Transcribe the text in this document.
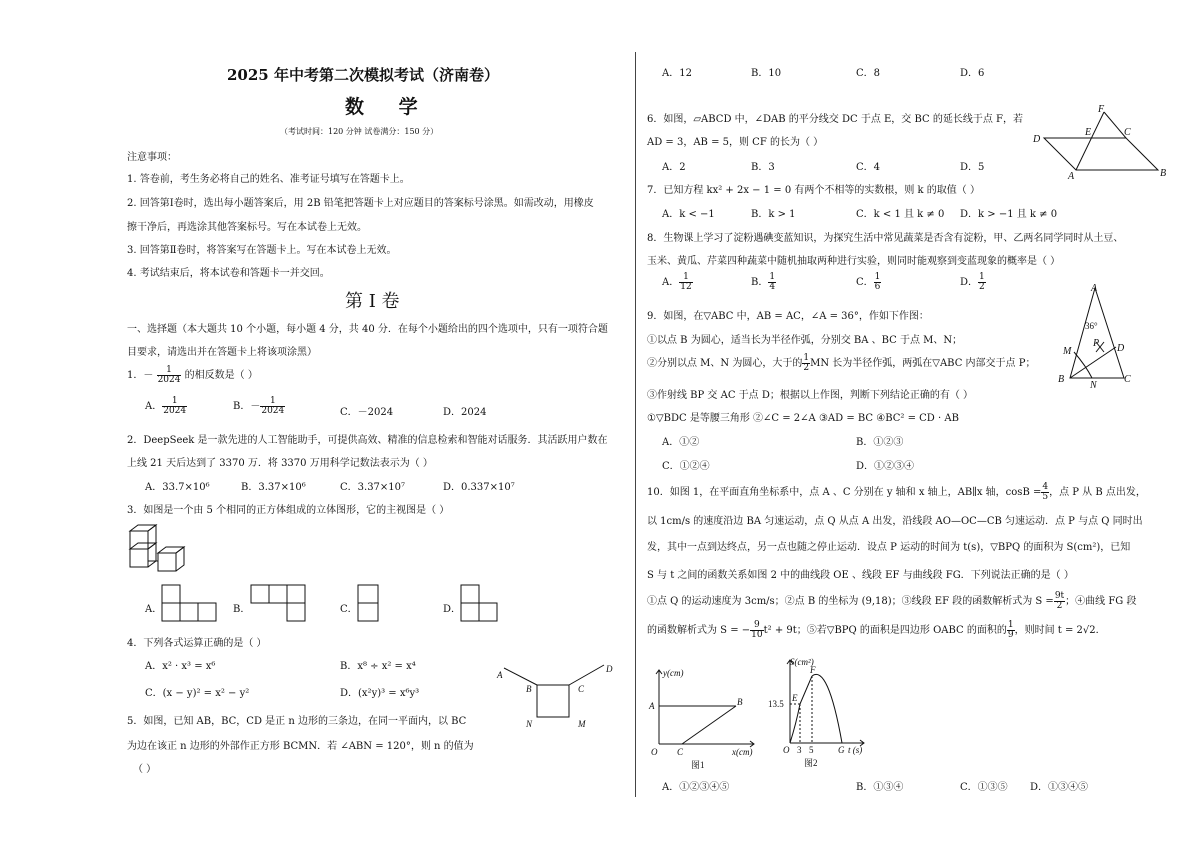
2025 年中考第二次模拟考试（济南卷）
数 学
（考试时间：120 分钟 试卷满分：150 分）
注意事项：
1. 答卷前，考生务必将自己的姓名、准考证号填写在答题卡上。
2. 回答第Ⅰ卷时，选出每小题答案后，用 2B 铅笔把答题卡上对应题目的答案标号涂黑。如需改动，用橡皮
擦干净后，再选涂其他答案标号。写在本试卷上无效。
3. 回答第Ⅱ卷时，将答案写在答题卡上。写在本试卷上无效。
4. 考试结束后，将本试卷和答题卡一并交回。
第 I 卷
一、选择题（本大题共 10 个小题，每小题 4 分，共 40 分．在每个小题给出的四个选项中，只有一项符合题
目要求，请选出并在答题卡上将该项涂黑）
1．－ $\frac{1}{2024}$ 的相反数是（ ）
A． $\frac{1}{2024}$	B．－ $\frac{1}{2024}$	C．－2024	D．2024
2．DeepSeek 是一款先进的人工智能助手，可提供高效、精准的信息检索和智能对话服务．其活跃用户数在
上线 21 天后达到了 3370 万．将 3370 万用科学记数法表示为（ ）
A．33.7×10⁶	B．3.37×10⁶	C．3.37×10⁷	D．0.337×10⁷
3．如图是一个由 5 个相同的正方体组成的立体图形，它的主视图是（ ）
A．	B．	C．	D．
4．下列各式运算正确的是（ ）
A．x² · x³ = x⁶	B．x⁸ ÷ x² = x⁴
C．(x − y)² = x² − y²	D．(x²y)³ = x⁶y³
A
B	C
D
N	M
5．如图，已知 AB，BC，CD 是正 n 边形的三条边，在同一平面内，以 BC
为边在该正 n 边形的外部作正方形 BCMN．若 ∠ABN = 120°，则 n 的值为
（ ）
A．12	B．10	C．8	D．6
6．如图，▱ABCD 中，∠DAB 的平分线交 DC 于点 E，交 BC 的延长线于点 F，若
AD = 3，AB = 5，则 CF 的长为（ ）	D
E
F
C
A	B
A．2	B．3	C．4	D．5
7．已知方程 kx² + 2x − 1 = 0 有两个不相等的实数根，则 k 的取值（ ）
A．k < −1	B．k > 1	C．k < 1 且 k ≠ 0 D．k > −1 且 k ≠ 0
8．生物课上学习了淀粉遇碘变蓝知识，为探究生活中常见蔬菜是否含有淀粉，甲、乙两名同学同时从土豆、
玉米、黄瓜、芹菜四种蔬菜中随机抽取两种进行实验，则同时能观察到变蓝现象的概率是（ ）
A． $\frac{1}{12}$	B． $\frac{1}{4}$	C． $\frac{1}{6}$	D． $\frac{1}{2}$
9．如图，在▽ABC 中，AB = AC，∠A = 36°，作如下作图：
①以点 B 为圆心，适当长为半径作弧，分别交 BA 、BC 于点 M、N；
②分别以点 M、N 为圆心，大于的 $\frac{1}{2}$ MN 长为半径作弧，两弧在▽ABC 内部交于点 P；
③作射线 BP 交 AC 于点 D；根据以上作图，判断下列结论正确的有（ ）
①▽BDC 是等腰三角形 ②∠C = 2∠A ③AD = BC ④BC² = CD · AB
A．①②	B．①②③
C．①②④	D．①②③④
A
36°
M
P D
B
N
C
10．如图 1，在平面直角坐标系中，点 A 、C 分别在 y 轴和 x 轴上，AB∥x 轴，$\cos B = \frac{4}{5}$ ，点 P 从 B 点出发，
以 1cm/s 的速度沿边 BA 匀速运动，点 Q 从点 A 出发，沿线段 AO—OC—CB 匀速运动．点 P 与点 Q 同时出
发，其中一点到达终点，另一点也随之停止运动．设点 P 运动的时间为 t(s)，▽BPQ 的面积为 S(cm²)，已知
S 与 t 之间的函数关系如图 2 中的曲线段 OE 、线段 EF 与曲线段 FG．下列说法正确的是（ ）
①点 Q 的运动速度为 3cm/s；②点 B 的坐标为 (9,18)；③线段 EF 段的函数解析式为 $S = \frac{9t}{2}$ ；④曲线 FG 段
的函数解析式为 S = − $\frac{9}{10} t^2 + 9t$；⑤若▽BPQ 的面积是四边形 OABC 的面积的 $\frac{1}{9}$ ，则时间 t = 2√2．
y(cm)
A	B
O C	x(cm)
图1
S(cm²)
13.5
E
F
O 3 5	G t (s)
图2
A．①②③④⑤	B．①③④	C．①③⑤ D．①③④⑤
